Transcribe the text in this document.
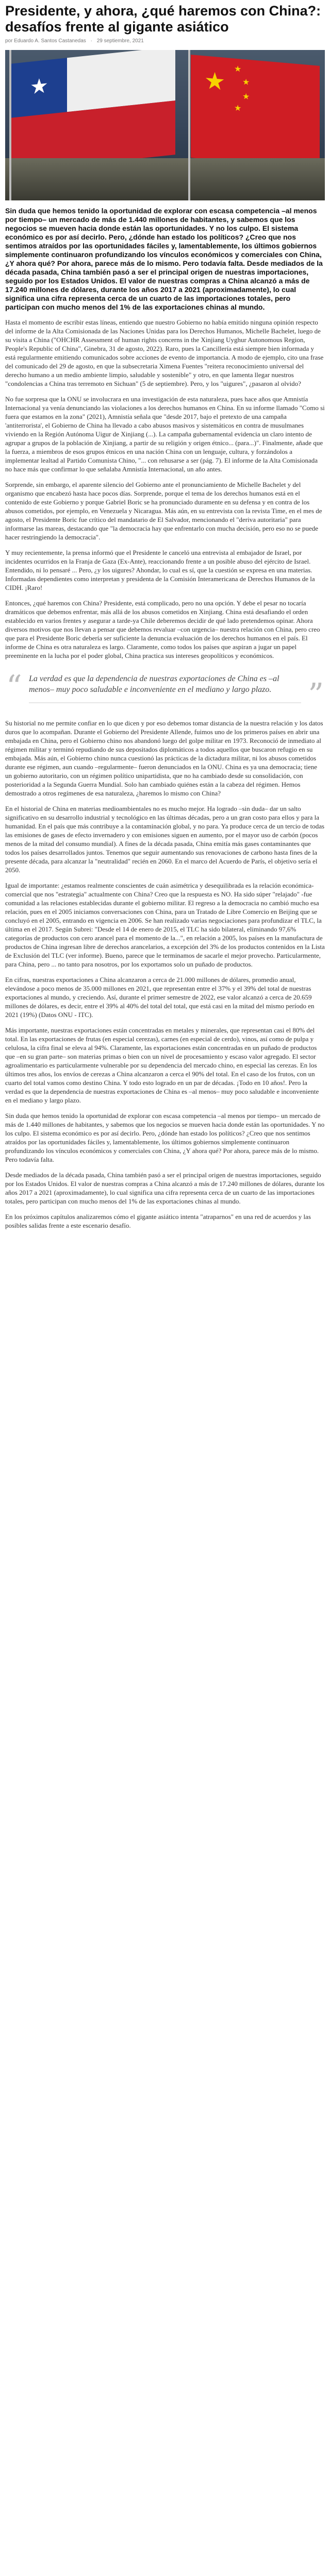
Presidente, y ahora, ¿qué haremos con China?: desafíos frente al gigante asiático
por Eduardo A. Santos Castanedas · 29 septiembre, 2021
★	★ ★
★
★
★
Sin duda que hemos tenido la oportunidad de explorar con escasa competencia –al menos por tiempo– un mercado de más de 1.440 millones de habitantes, y sabemos que los negocios se mueven hacia donde están las oportunidades. Y no los culpo. El sistema económico es por así decirlo. Pero, ¿dónde han estado los políticos? ¿Creo que nos sentimos atraídos por las oportunidades fáciles y, lamentablemente, los últimos gobiernos simplemente continuaron profundizando los vínculos económicos y comerciales con China, ¿Y ahora qué? Por ahora, parece más de lo mismo. Pero todavía falta. Desde mediados de la década pasada, China también pasó a ser el principal origen de nuestras importaciones, seguido por los Estados Unidos. El valor de nuestras compras a China alcanzó a más de 17.240 millones de dólares, durante los años 2017 a 2021 (aproximadamente), lo cual significa una cifra representa cerca de un cuarto de las importaciones totales, pero participan con mucho menos del 1% de las exportaciones chinas al mundo.

Hasta el momento de escribir estas líneas, entiendo que nuestro Gobierno no había emitido ninguna opinión respecto del informe de la Alta Comisionada de las Naciones Unidas para los Derechos Humanos, Michelle Bachelet, luego de su visita a China ("OHCHR Assessment of human rights concerns in the Xinjiang Uyghur Autonomous Region, People's Republic of China", Ginebra, 31 de agosto, 2022). Raro, pues la Cancillería está siempre bien informada y está regularmente emitiendo comunicados sobre acciones de evento de importancia. A modo de ejemplo, cito una frase del comunicado del 29 de agosto, en que la subsecretaria Ximena Fuentes "reitera reconocimiento universal del derecho humano a un medio ambiente limpio, saludable y sostenible" y otro, en que lamenta llegar nuestros "condolencias a China tras terremoto en Sichuan" (5 de septiembre). Pero, y los "uigures", ¿pasaron al olvido?

No fue sorpresa que la ONU se involucrara en una investigación de esta naturaleza, pues hace años que Amnistía Internacional ya venía denunciando las violaciones a los derechos humanos en China. En su informe llamado "Como si fuera que estamos en la zona" (2021), Amnistía señala que "desde 2017, bajo el pretexto de una campaña 'antiterrorista', el Gobierno de China ha llevado a cabo abusos masivos y sistemáticos en contra de musulmanes viviendo en la Región Autónoma Uigur de Xinjiang (...). La campaña gubernamental evidencia un claro intento de agrupar a grupos de la población de Xinjiang, a partir de su religión y origen étnico... (para...)". Finalmente, añade que la fuerza, a miembros de esos grupos étnicos en una nación China con un lenguaje, cultura, y forzándolos a implementar lealtad al Partido Comunista Chino, "... con rehusarse a ser (pág. 7). El informe de la Alta Comisionada no hace más que confirmar lo que señalaba Amnistía Internacional, un año antes.

Sorprende, sin embargo, el aparente silencio del Gobierno ante el pronunciamiento de Michelle Bachelet y del organismo que encabezó hasta hace pocos días. Sorprende, porque el tema de los derechos humanos está en el contenido de este Gobierno y porque Gabriel Boric se ha pronunciado duramente en su defensa y en contra de los abusos cometidos, por ejemplo, en Venezuela y Nicaragua. Más aún, en su entrevista con la revista Time, en el mes de agosto, el Presidente Boric fue crítico del mandatario de El Salvador, mencionando el "deriva autoritaria" para informarse las mareas, destacando que "la democracia hay que enfrentarlo con mucha decisión, pero eso no se puede hacer restringiendo la democracia".

Y muy recientemente, la prensa informó que el Presidente le canceló una entrevista al embajador de Israel, por incidentes ocurridos en la Franja de Gaza (Ex-Ante), reaccionando frente a un posible abuso del ejército de Israel. Entendido, ni lo pensaré ... Pero, ¿y los uigures? Ahondar, lo cual es sí, que la cuestión se expresa en una materias. Informadas dependientes como interpretan y presidenta de la Comisión Interamericana de Derechos Humanos de la CIDH. ¡Raro!

Entonces, ¿qué haremos con China? Presidente, está complicado, pero no una opción. Y debe el pesar no tocaría dramáticos que debemos enfrentar, más allá de los abusos cometidos en Xinjiang. China está desafiando el orden establecido en varios frentes y asegurar a tarde-ya Chile deberemos decidir de qué lado pretendemos opinar. Ahora diversos motivos que nos llevan a pensar que debemos revaluar –con urgencia– nuestra relación con China, pero creo que para el Presidente Boric debería ser suficiente la denuncia evaluación de los derechos humanos en el país. El informe de China es otra naturaleza es largo. Claramente, como todos los países que aspiran a jugar un papel preeminente en la lucha por el poder global, China practica sus intereses geopolíticos y económicos.

“ La verdad es que la dependencia de nuestras exportaciones de China es –al menos– muy poco saludable e inconveniente en el mediano y largo plazo.	”

Su historial no me permite confiar en lo que dicen y por eso debemos tomar distancia de la nuestra relación y los datos duros que lo acompañan. Durante el Gobierno del Presidente Allende, fuimos uno de los primeros países en abrir una embajada en China, pero el Gobierno chino nos abandonó luego del golpe militar en 1973. Reconoció de inmediato al régimen militar y terminó repudiando de sus depositados diplomáticos a todos aquellos que buscaron refugio en su embajada. Más aún, el Gobierno chino nunca cuestionó las prácticas de la dictadura militar, ni los abusos cometidos durante ese régimen, aun cuando –regularmente– fueron denunciados en la ONU. China es ya una democracia; tiene un gobierno autoritario, con un régimen político unipartidista, que no ha cambiado desde su consolidación, con posterioridad a la Segunda Guerra Mundial. Solo han cambiado quiénes están a la cabeza del régimen. Hemos demostrado a otros regímenes de esa naturaleza, ¿haremos lo mismo con China?

En el historial de China en materias medioambientales no es mucho mejor. Ha logrado –sin duda– dar un salto significativo en su desarrollo industrial y tecnológico en las últimas décadas, pero a un gran costo para ellos y para la humanidad. En el país que más contribuye a la contaminación global, y no para. Ya produce cerca de un tercio de todas las emisiones de gases de efecto invernadero y con emisiones siguen en aumento, por el mayor uso de carbón (pocos menos de la mitad del consumo mundial). A fines de la década pasada, China emitía más gases contaminantes que todos los países desarrollados juntos. Tenemos que seguir aumentando sus renovaciones de carbono hasta fines de la presente década, para alcanzar la "neutralidad" recién en 2060. En el marco del Acuerdo de París, el objetivo sería el 2050.

Igual de importante: ¿estamos realmente conscientes de cuán asimétrica y desequilibrada es la relación económica-comercial que nos "estrategia" actualmente con China? Creo que la respuesta es NO. Ha sido súper "relajado" -fue comunidad a las relaciones establecidas durante el gobierno militar. El regreso a la democracia no cambió mucho esa relación, pues en el 2005 iniciamos conversaciones con China, para un Tratado de Libre Comercio en Beijing que se concluyó en el 2005, entrando en vigencia en 2006. Se han realizado varias negociaciones para profundizar el TLC, la última en el 2017. Según Subrei: "Desde el 14 de enero de 2015, el TLC ha sido bilateral, eliminando 97,6% categorías de productos con cero arancel para el momento de la...", en relación a 2005, los países en la manufactura de productos de China ingresan libre de derechos arancelarios, a excepción del 3% de los productos contenidos en la Lista de Exclusión del TLC (ver informe). Bueno, parece que le terminamos de sacarle el mejor provecho. Particularmente, para China, pero ... no tanto para nosotros, por los exportamos solo un puñado de productos.

En cifras, nuestras exportaciones a China alcanzaron a cerca de 21.000 millones de dólares, promedio anual, elevándose a poco menos de 35.000 millones en 2021, que representan entre el 37% y el 39% del total de nuestras exportaciones al mundo, y creciendo. Así, durante el primer semestre de 2022, ese valor alcanzó a cerca de 20.659 millones de dólares, es decir, entre el 39% al 40% del total del total, que está casi en la mitad del mismo período en 2021 (19%) (Datos ONU - ITC).

Más importante, nuestras exportaciones están concentradas en metales y minerales, que representan casi el 80% del total. En las exportaciones de frutas (en especial cerezas), carnes (en especial de cerdo), vinos, así como de pulpa y celulosa, la cifra final se eleva al 94%. Claramente, las exportaciones están concentradas en un puñado de productos que –en su gran parte– son materias primas o bien con un nivel de procesamiento y escaso valor agregado. El sector agroalimentario es particularmente vulnerable por su dependencia del mercado chino, en especial las cerezas. En los últimos tres años, los envíos de cerezas a China alcanzaron a cerca el 90% del total. En el caso de los frutos, con un cuarto del total vamos como destino China. Y todo esto logrado en un par de décadas. ¡Todo en 10 años!. Pero la verdad es que la dependencia de nuestras exportaciones de China es –al menos– muy poco saludable e inconveniente en el mediano y largo plazo.

Sin duda que hemos tenido la oportunidad de explorar con escasa competencia –al menos por tiempo– un mercado de más de 1.440 millones de habitantes, y sabemos que los negocios se mueven hacia donde están las oportunidades. Y no los culpo. El sistema económico es por así decirlo. Pero, ¿dónde han estado los políticos? ¿Creo que nos sentimos atraídos por las oportunidades fáciles y, lamentablemente, los últimos gobiernos simplemente continuaron profundizando los vínculos económicos y comerciales con China, ¿Y ahora qué? Por ahora, parece más de lo mismo. Pero todavía falta.

Desde mediados de la década pasada, China también pasó a ser el principal origen de nuestras importaciones, seguido por los Estados Unidos. El valor de nuestras compras a China alcanzó a más de 17.240 millones de dólares, durante los años 2017 a 2021 (aproximadamente), lo cual significa una cifra representa cerca de un cuarto de las importaciones totales, pero participan con mucho menos del 1% de las exportaciones chinas al mundo.

En los próximos capítulos analizaremos cómo el gigante asiático intenta "atraparnos" en una red de acuerdos y las posibles salidas frente a este escenario desafío.
